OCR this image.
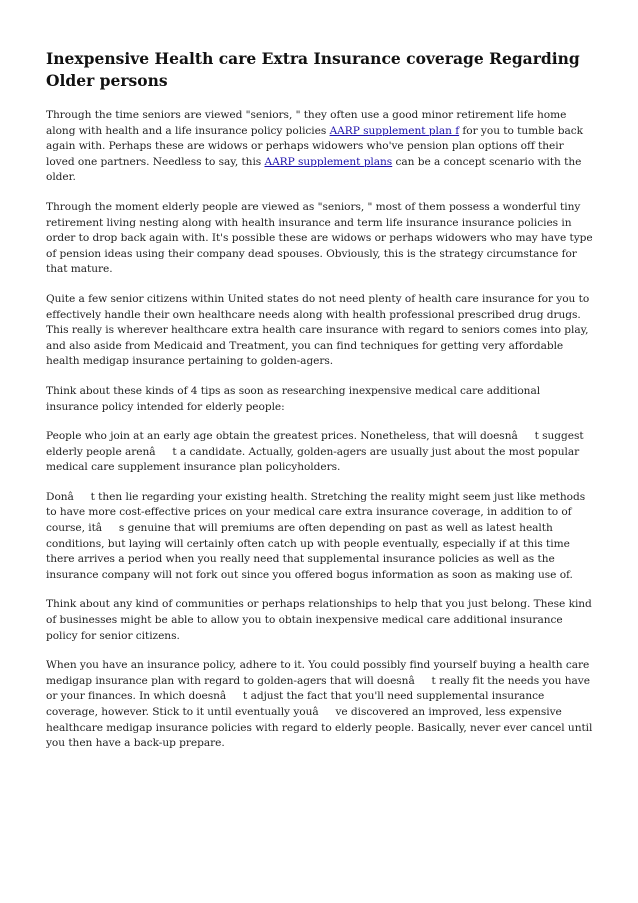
Inexpensive Health care Extra Insurance coverage Regarding Older persons

Through the time seniors are viewed "seniors, " they often use a good minor retirement life home along with health and a life insurance policy policies AARP supplement plan f for you to tumble back again with. Perhaps these are widows or perhaps widowers who've pension plan options off their loved one partners. Needless to say, this AARP supplement plans can be a concept scenario with the older.

Through the moment elderly people are viewed as "seniors, " most of them possess a wonderful tiny retirement living nesting along with health insurance and term life insurance insurance policies in order to drop back again with. It's possible these are widows or perhaps widowers who may have type of pension ideas using their company dead spouses. Obviously, this is the strategy circumstance for that mature.

Quite a few senior citizens within United states do not need plenty of health care insurance for you to effectively handle their own healthcare needs along with health professional prescribed drug drugs. This really is wherever healthcare extra health care insurance with regard to seniors comes into play, and also aside from Medicaid and Treatment, you can find techniques for getting very affordable health medigap insurance pertaining to golden-agers.

Think about these kinds of 4 tips as soon as researching inexpensive medical care additional insurance policy intended for elderly people:

People who join at an early age obtain the greatest prices. Nonetheless, that will doesnât suggest elderly people arenât a candidate. Actually, golden-agers are usually just about the most popular medical care supplement insurance plan policyholders.

Donât then lie regarding your existing health. Stretching the reality might seem just like methods to have more cost-effective prices on your medical care extra insurance coverage, in addition to of course, itâs genuine that will premiums are often depending on past as well as latest health conditions, but laying will certainly often catch up with people eventually, especially if at this time there arrives a period when you really need that supplemental insurance policies as well as the insurance company will not fork out since you offered bogus information as soon as making use of.

Think about any kind of communities or perhaps relationships to help that you just belong. These kind of businesses might be able to allow you to obtain inexpensive medical care additional insurance policy for senior citizens.

When you have an insurance policy, adhere to it. You could possibly find yourself buying a health care medigap insurance plan with regard to golden-agers that will doesnât really fit the needs you have or your finances. In which doesnât adjust the fact that you'll need supplemental insurance coverage, however. Stick to it until eventually youâve discovered an improved, less expensive healthcare medigap insurance policies with regard to elderly people. Basically, never ever cancel until you then have a back-up prepare.
